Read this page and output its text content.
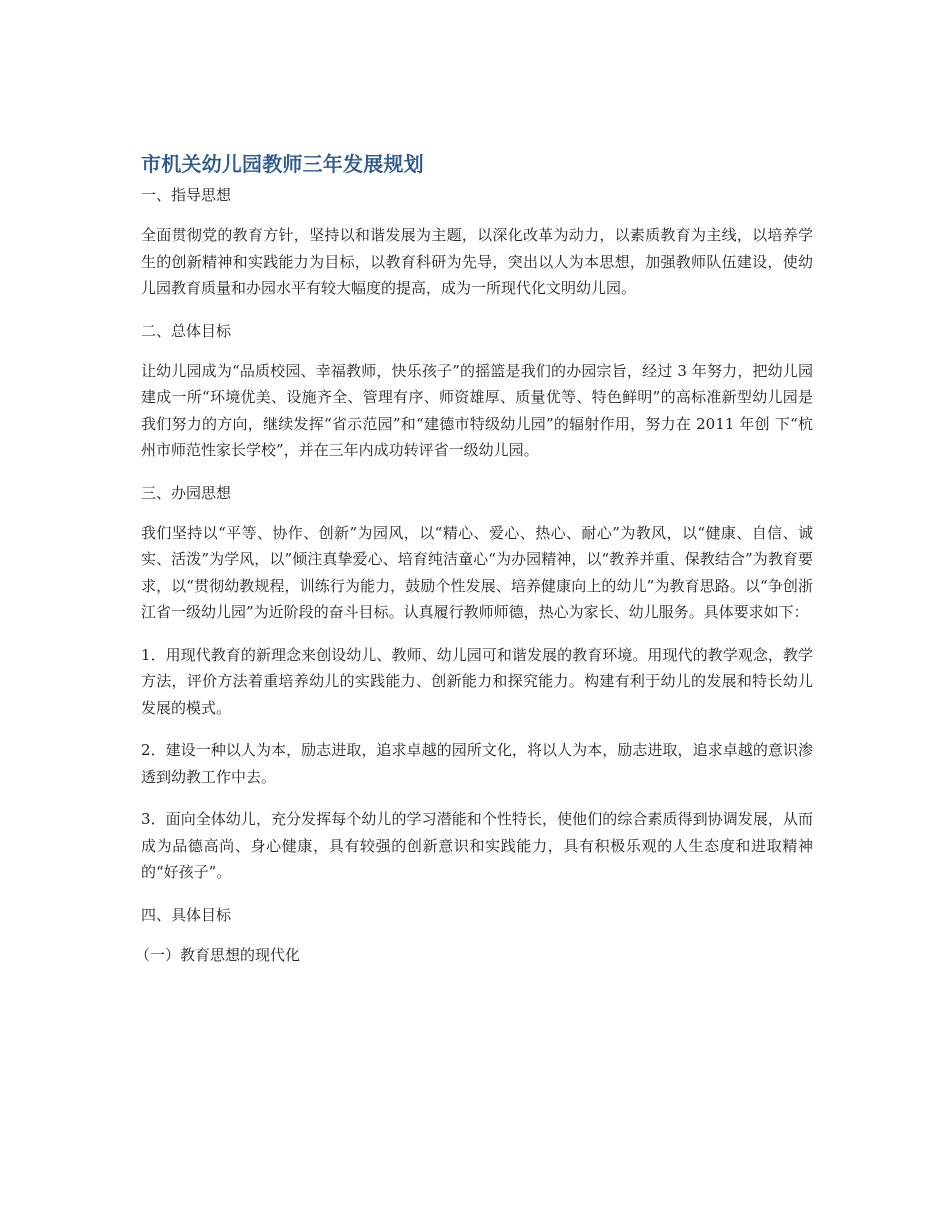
市机关幼儿园教师三年发展规划
一、指导思想
全面贯彻党的教育方针，坚持以和谐发展为主题，以深化改革为动力，以素质教育为主线，以培养学生的创新精神和实践能力为目标，以教育科研为先导，突出以人为本思想，加强教师队伍建设，使幼儿园教育质量和办园水平有较大幅度的提高，成为一所现代化文明幼儿园。
二、总体目标
让幼儿园成为“品质校园、幸福教师，快乐孩子”的摇篮是我们的办园宗旨，经过 3 年努力，把幼儿园建成一所“环境优美、设施齐全、管理有序、师资雄厚、质量优等、特色鲜明”的高标准新型幼儿园是我们努力的方向，继续发挥“省示范园”和“建德市特级幼儿园”的辐射作用，努力在 2011 年创 下“杭州市师范性家长学校”，并在三年内成功转评省一级幼儿园。
三、办园思想
我们坚持以“平等、协作、创新”为园风，以“精心、爱心、热心、耐心”为教风，以“健康、自信、诚实、活泼”为学风，以”倾注真挚爱心、培育纯洁童心“为办园精神，以“教养并重、保教结合”为教育要求，以“贯彻幼教规程，训练行为能力，鼓励个性发展、培养健康向上的幼儿”为教育思路。以“争创浙江省一级幼儿园”为近阶段的奋斗目标。认真履行教师师德，热心为家长、幼儿服务。具体要求如下：
1．用现代教育的新理念来创设幼儿、教师、幼儿园可和谐发展的教育环境。用现代的教学观念，教学方法，评价方法着重培养幼儿的实践能力、创新能力和探究能力。构建有利于幼儿的发展和特长幼儿发展的模式。
2．建设一种以人为本，励志进取，追求卓越的园所文化，将以人为本，励志进取，追求卓越的意识渗透到幼教工作中去。
3．面向全体幼儿，充分发挥每个幼儿的学习潜能和个性特长，使他们的综合素质得到协调发展，从而成为品德高尚、身心健康，具有较强的创新意识和实践能力，具有积极乐观的人生态度和进取精神的“好孩子”。
四、具体目标
（一）教育思想的现代化
